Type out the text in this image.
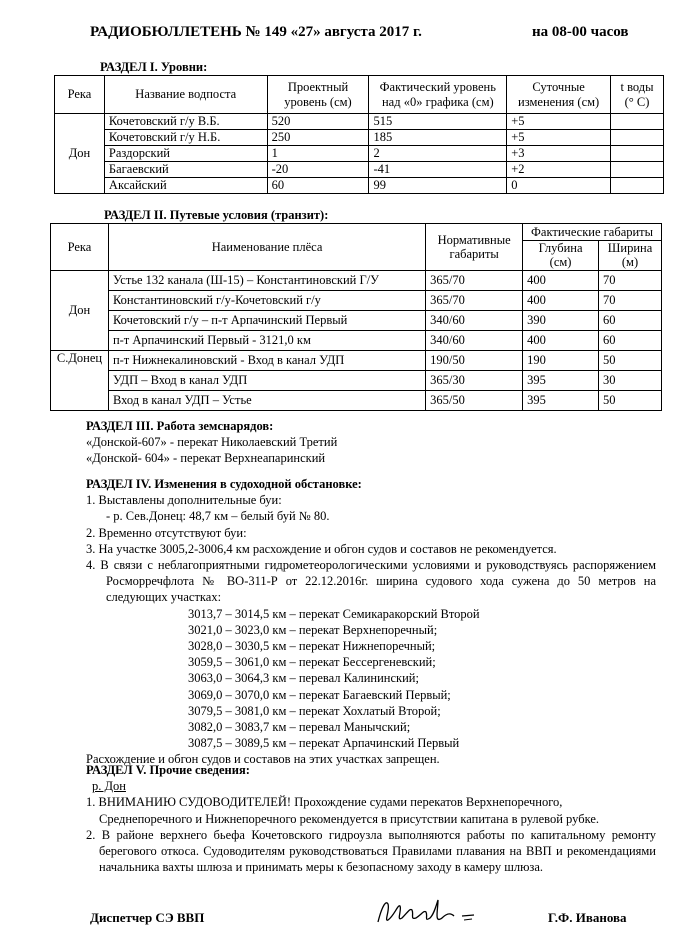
РАДИОБЮЛЛЕТЕНЬ № 149 «27» августа 2017 г.	на 08-00 часов
РАЗДЕЛ I. Уровни:
Река	Название водпоста	Проектный уровень (см)	Фактический уровень над «0» графика (см)	Суточные изменения (см)	t воды (° С)
Дон	Кочетовский г/у В.Б.	520	515	+5	
	Кочетовский г/у Н.Б.	250	185	+5	
	Раздорский	1	2	+3	
	Багаевский	-20	-41	+2	
	Аксайский	60	99	0	
РАЗДЕЛ II. Путевые условия (транзит):
Река	Наименование плёса	Нормативные габариты	Фактические габариты	
			Глубина (см)	Ширина (м)
Дон	Устье 132 канала (Ш-15) – Константиновский Г/У	365/70	400	70
	Константиновский г/у-Кочетовский г/у	365/70	400	70
	Кочетовский г/у – п-т Арпачинский Первый	340/60	390	60
	п-т Арпачинский Первый - 3121,0 км	340/60	400	60
С.Донец	п-т Нижнекалиновский - Вход в канал УДП	190/50	190	50
	УДП – Вход в канал УДП	365/30	395	30
	Вход в канал УДП – Устье	365/50	395	50

РАЗДЕЛ III. Работа земснарядов:

«Донской-607» - перекат Николаевский Третий

«Донской- 604» - перекат Верхнеапаринский

РАЗДЕЛ IV. Изменения в судоходной обстановке:

1. Выставлены дополнительные буи:

- р. Сев.Донец: 48,7 км – белый буй № 80.

2. Временно отсутствуют буи:

3. На участке 3005,2-3006,4 км расхождение и обгон судов и составов не рекомендуется.

4. В связи с неблагоприятными гидрометеорологическими условиями и руководствуясь распоряжением Росморречфлота № ВО-311-Р от 22.12.2016г. ширина судового хода сужена до 50 метров на следующих участках:

3013,7 – 3014,5 км – перекат Семикаракорский Второй

3021,0 – 3023,0 км – перекат Верхнепоречный;

3028,0 – 3030,5 км – перекат Нижнепоречный;

3059,5 – 3061,0 км – перекат Бессергеневский;

3063,0 – 3064,3 км – перевал Калининский;

3069,0 – 3070,0 км – перекат Багаевский Первый;

3079,5 – 3081,0 км – перекат Хохлатый Второй;

3082,0 – 3083,7 км – перевал Манычский;

3087,5 – 3089,5 км – перекат Арпачинский Первый

Расхождение и обгон судов и составов на этих участках запрещен.

РАЗДЕЛ V. Прочие сведения:

р. Дон

1. ВНИМАНИЮ СУДОВОДИТЕЛЕЙ! Прохождение судами перекатов Верхнепоречного, Среднепоречного и Нижнепоречного рекомендуется в присутствии капитана в рулевой рубке.

2. В районе верхнего бьефа Кочетовского гидроузла выполняются работы по капитальному ремонту берегового откоса. Судоводителям руководствоваться Правилами плавания на ВВП и рекомендациями начальника вахты шлюза и принимать меры к безопасному заходу в камеру шлюза.

Диспетчер СЭ ВВП	Г.Ф. Иванова
